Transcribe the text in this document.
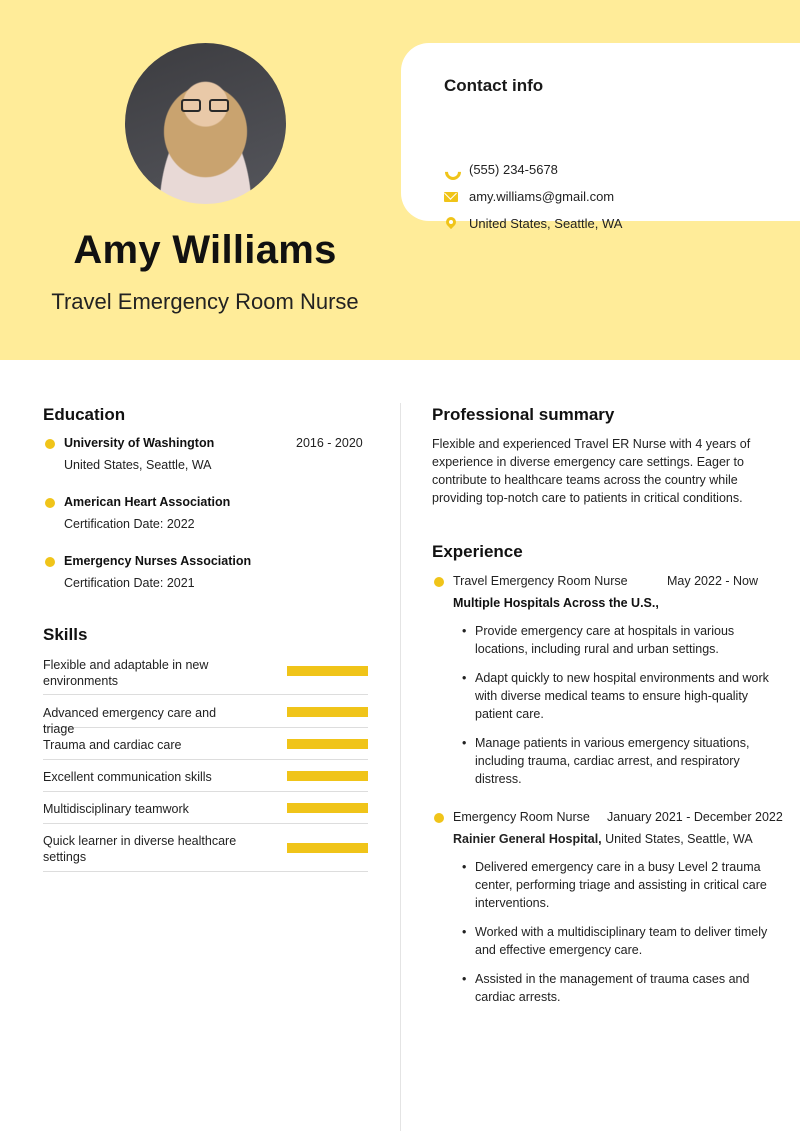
Amy Williams
Travel Emergency Room Nurse
Contact info
(555) 234-5678
amy.williams@gmail.com
United States, Seattle, WA
Education
University of Washington	2016 - 2020
United States, Seattle, WA
American Heart Association
Certification Date: 2022
Emergency Nurses Association
Certification Date: 2021
Skills
Flexible and adaptable in new environments
Advanced emergency care and triage
Trauma and cardiac care
Excellent communication skills
Multidisciplinary teamwork
Quick learner in diverse healthcare settings
Professional summary

Flexible and experienced Travel ER Nurse with 4 years of experience in diverse emergency care settings. Eager to contribute to healthcare teams across the country while providing top-notch care to patients in critical conditions.

Experience
Travel Emergency Room Nurse	May 2022 - Now
Multiple Hospitals Across the U.S.,
• Provide emergency care at hospitals in various locations, including rural and urban settings.
• Adapt quickly to new hospital environments and work with diverse medical teams to ensure high-quality patient care.
• Manage patients in various emergency situations, including trauma, cardiac arrest, and respiratory distress.
Emergency Room Nurse January 2021 - December 2022
Rainier General Hospital, United States, Seattle, WA
• Delivered emergency care in a busy Level 2 trauma center, performing triage and assisting in critical care interventions.
• Worked with a multidisciplinary team to deliver timely and effective emergency care.
• Assisted in the management of trauma cases and cardiac arrests.
